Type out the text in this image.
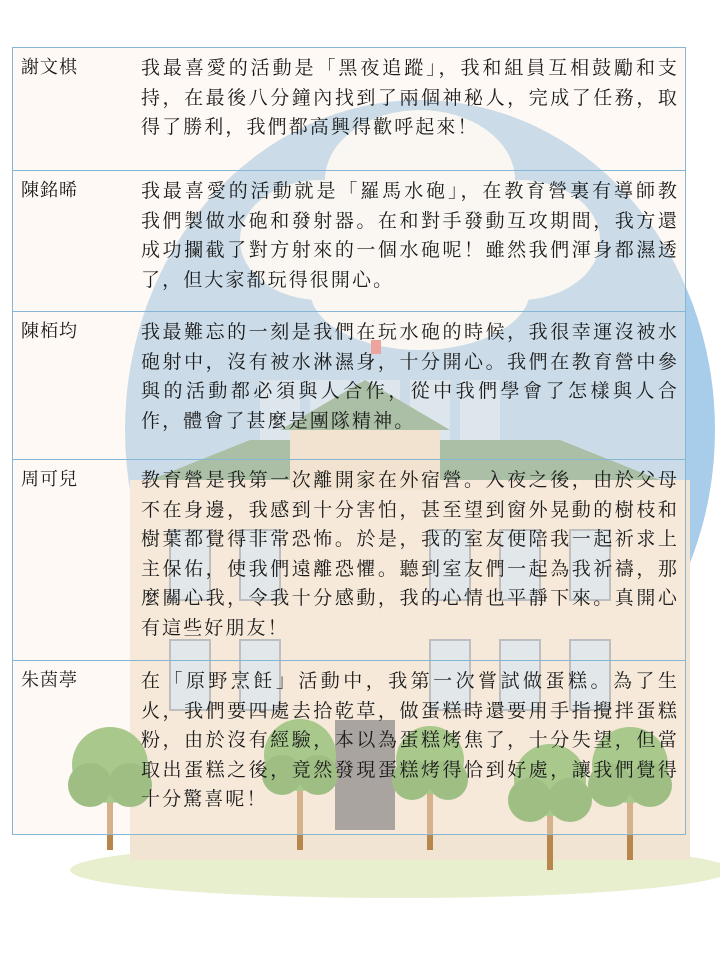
謝文棋	我最喜愛的活動是「黑夜追蹤」，我和組員互相鼓勵和支持，在最後八分鐘內找到了兩個神秘人，完成了任務，取得了勝利，我們都高興得歡呼起來！
陳銘晞	我最喜愛的活動就是「羅馬水砲」，在教育營裏有導師教我們製做水砲和發射器。在和對手發動互攻期間，我方還成功攔截了對方射來的一個水砲呢！雖然我們渾身都濕透了，但大家都玩得很開心。
陳栢均	我最難忘的一刻是我們在玩水砲的時候，我很幸運沒被水砲射中，沒有被水淋濕身，十分開心。我們在教育營中參與的活動都必須與人合作，從中我們學會了怎樣與人合作，體會了甚麼是團隊精神。
周可兒	教育營是我第一次離開家在外宿營。入夜之後，由於父母不在身邊，我感到十分害怕，甚至望到窗外晃動的樹枝和樹葉都覺得非常恐怖。於是，我的室友便陪我一起祈求上主保佑，使我們遠離恐懼。聽到室友們一起為我祈禱，那麼關心我，令我十分感動，我的心情也平靜下來。真開心有這些好朋友！
朱茵葶	在「原野烹飪」活動中，我第一次嘗試做蛋糕。為了生火，我們要四處去拾乾草，做蛋糕時還要用手指攪拌蛋糕粉，由於沒有經驗，本以為蛋糕烤焦了，十分失望，但當取出蛋糕之後，竟然發現蛋糕烤得恰到好處，讓我們覺得十分驚喜呢！
